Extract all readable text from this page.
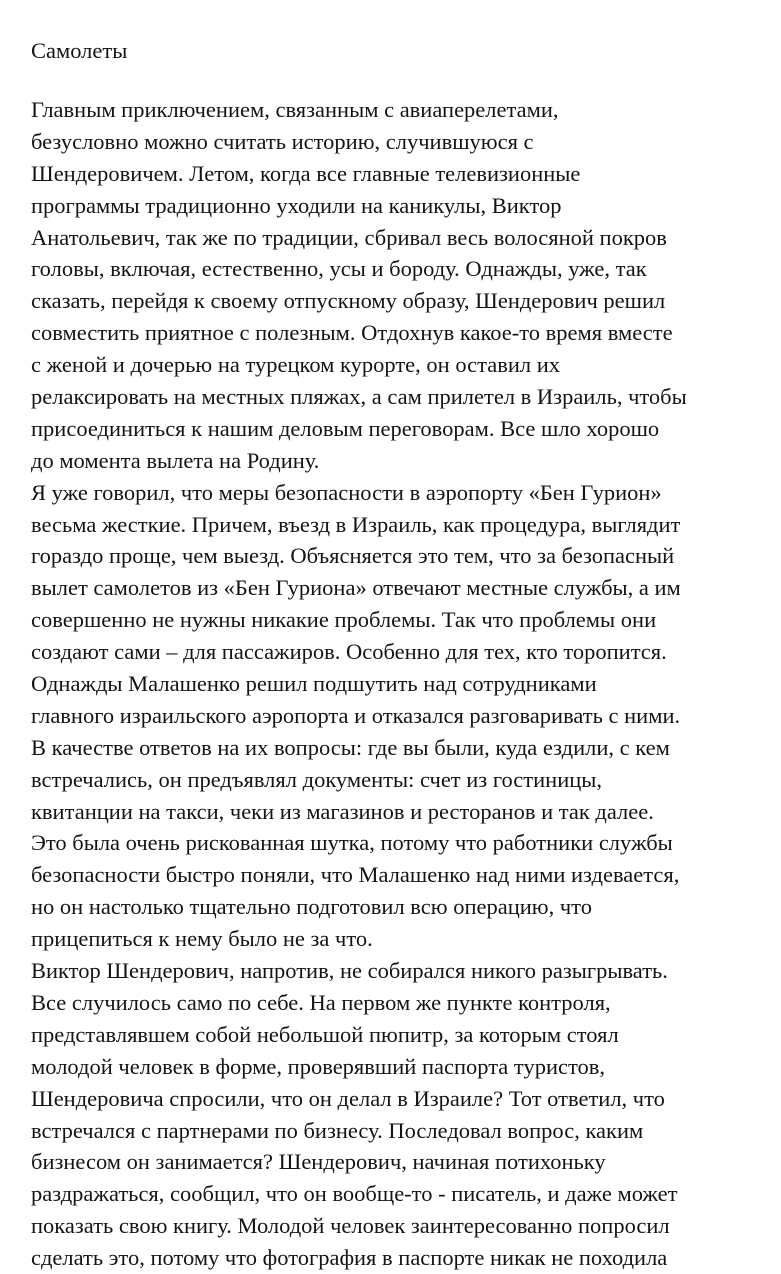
Самолеты
Главным приключением, связанным с авиаперелетами,
безусловно можно считать историю, случившуюся с
Шендеровичем. Летом, когда все главные телевизионные
программы традиционно уходили на каникулы, Виктор
Анатольевич, так же по традиции, сбривал весь волосяной покров
головы, включая, естественно, усы и бороду. Однажды, уже, так
сказать, перейдя к своему отпускному образу, Шендерович решил
совместить приятное с полезным. Отдохнув какое-то время вместе
с женой и дочерью на турецком курорте, он оставил их
релаксировать на местных пляжах, а сам прилетел в Израиль, чтобы
присоединиться к нашим деловым переговорам. Все шло хорошо
до момента вылета на Родину.
Я уже говорил, что меры безопасности в аэропорту «Бен Гурион»
весьма жесткие. Причем, въезд в Израиль, как процедура, выглядит
гораздо проще, чем выезд. Объясняется это тем, что за безопасный
вылет самолетов из «Бен Гуриона» отвечают местные службы, а им
совершенно не нужны никакие проблемы. Так что проблемы они
создают сами – для пассажиров. Особенно для тех, кто торопится.
Однажды Малашенко решил подшутить над сотрудниками
главного израильского аэропорта и отказался разговаривать с ними.
В качестве ответов на их вопросы: где вы были, куда ездили, с кем
встречались, он предъявлял документы: счет из гостиницы,
квитанции на такси, чеки из магазинов и ресторанов и так далее.
Это была очень рискованная шутка, потому что работники службы
безопасности быстро поняли, что Малашенко над ними издевается,
но он настолько тщательно подготовил всю операцию, что
прицепиться к нему было не за что.
Виктор Шендерович, напротив, не собирался никого разыгрывать.
Все случилось само по себе. На первом же пункте контроля,
представлявшем собой небольшой пюпитр, за которым стоял
молодой человек в форме, проверявший паспорта туристов,
Шендеровича спросили, что он делал в Израиле? Тот ответил, что
встречался с партнерами по бизнесу. Последовал вопрос, каким
бизнесом он занимается? Шендерович, начиная потихоньку
раздражаться, сообщил, что он вообще-то - писатель, и даже может
показать свою книгу. Молодой человек заинтересованно попросил
сделать это, потому что фотография в паспорте никак не походила
